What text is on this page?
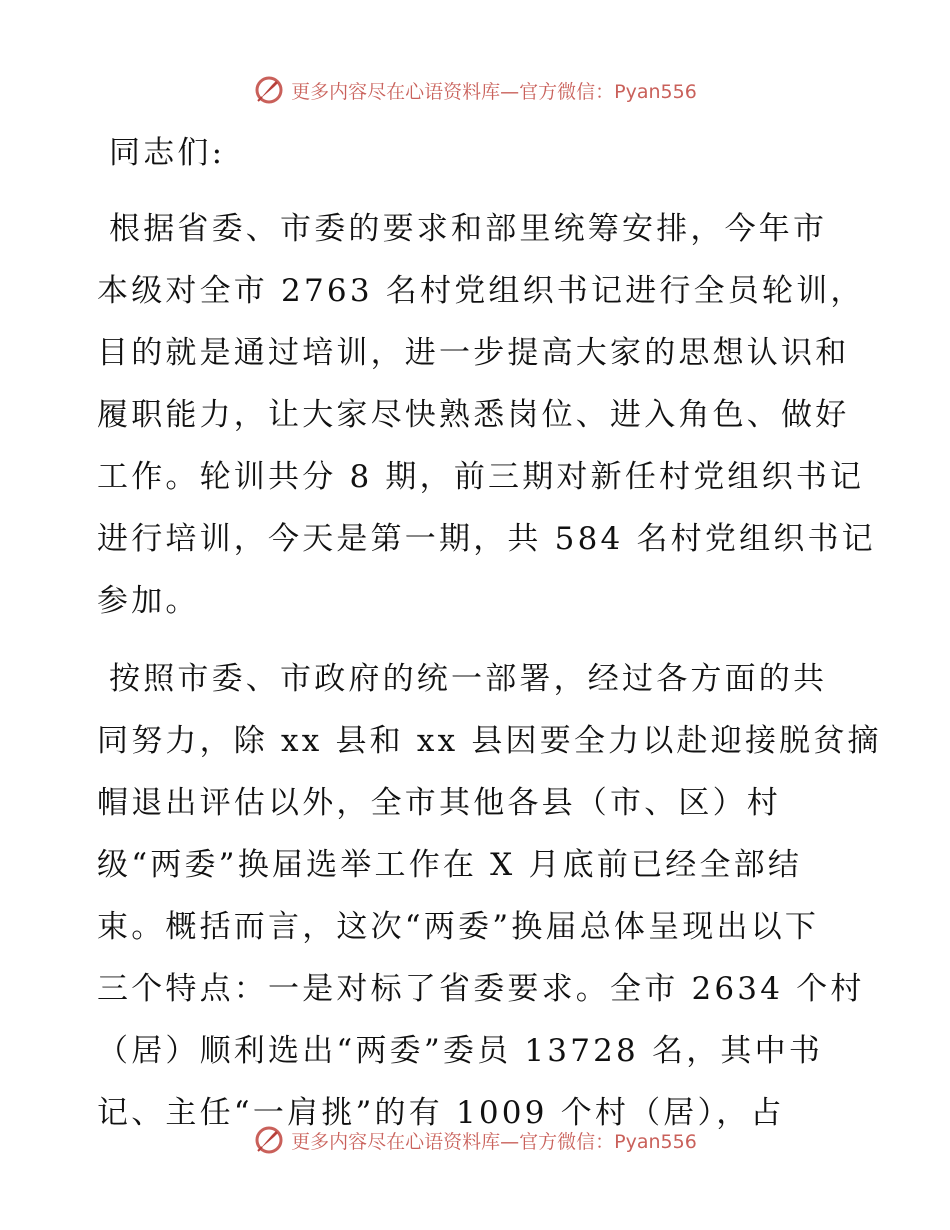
更多内容尽在心语资料库—官方微信：Pyan556
同志们:
根据省委、市委的要求和部里统筹安排，今年市
本级对全市 2763 名村党组织书记进行全员轮训，
目的就是通过培训，进一步提高大家的思想认识和
履职能力，让大家尽快熟悉岗位、进入角色、做好
工作。轮训共分 8 期，前三期对新任村党组织书记
进行培训，今天是第一期，共 584 名村党组织书记
参加。
按照市委、市政府的统一部署，经过各方面的共
同努力，除 xx 县和 xx 县因要全力以赴迎接脱贫摘
帽退出评估以外，全市其他各县（市、区）村
级“两委”换届选举工作在 X 月底前已经全部结
束。概括而言，这次“两委”换届总体呈现出以下
三个特点：一是对标了省委要求。全市 2634 个村
（居）顺利选出“两委”委员 13728 名，其中书
记、主任“一肩挑”的有 1009 个村（居），占
更多内容尽在心语资料库—官方微信：Pyan556
